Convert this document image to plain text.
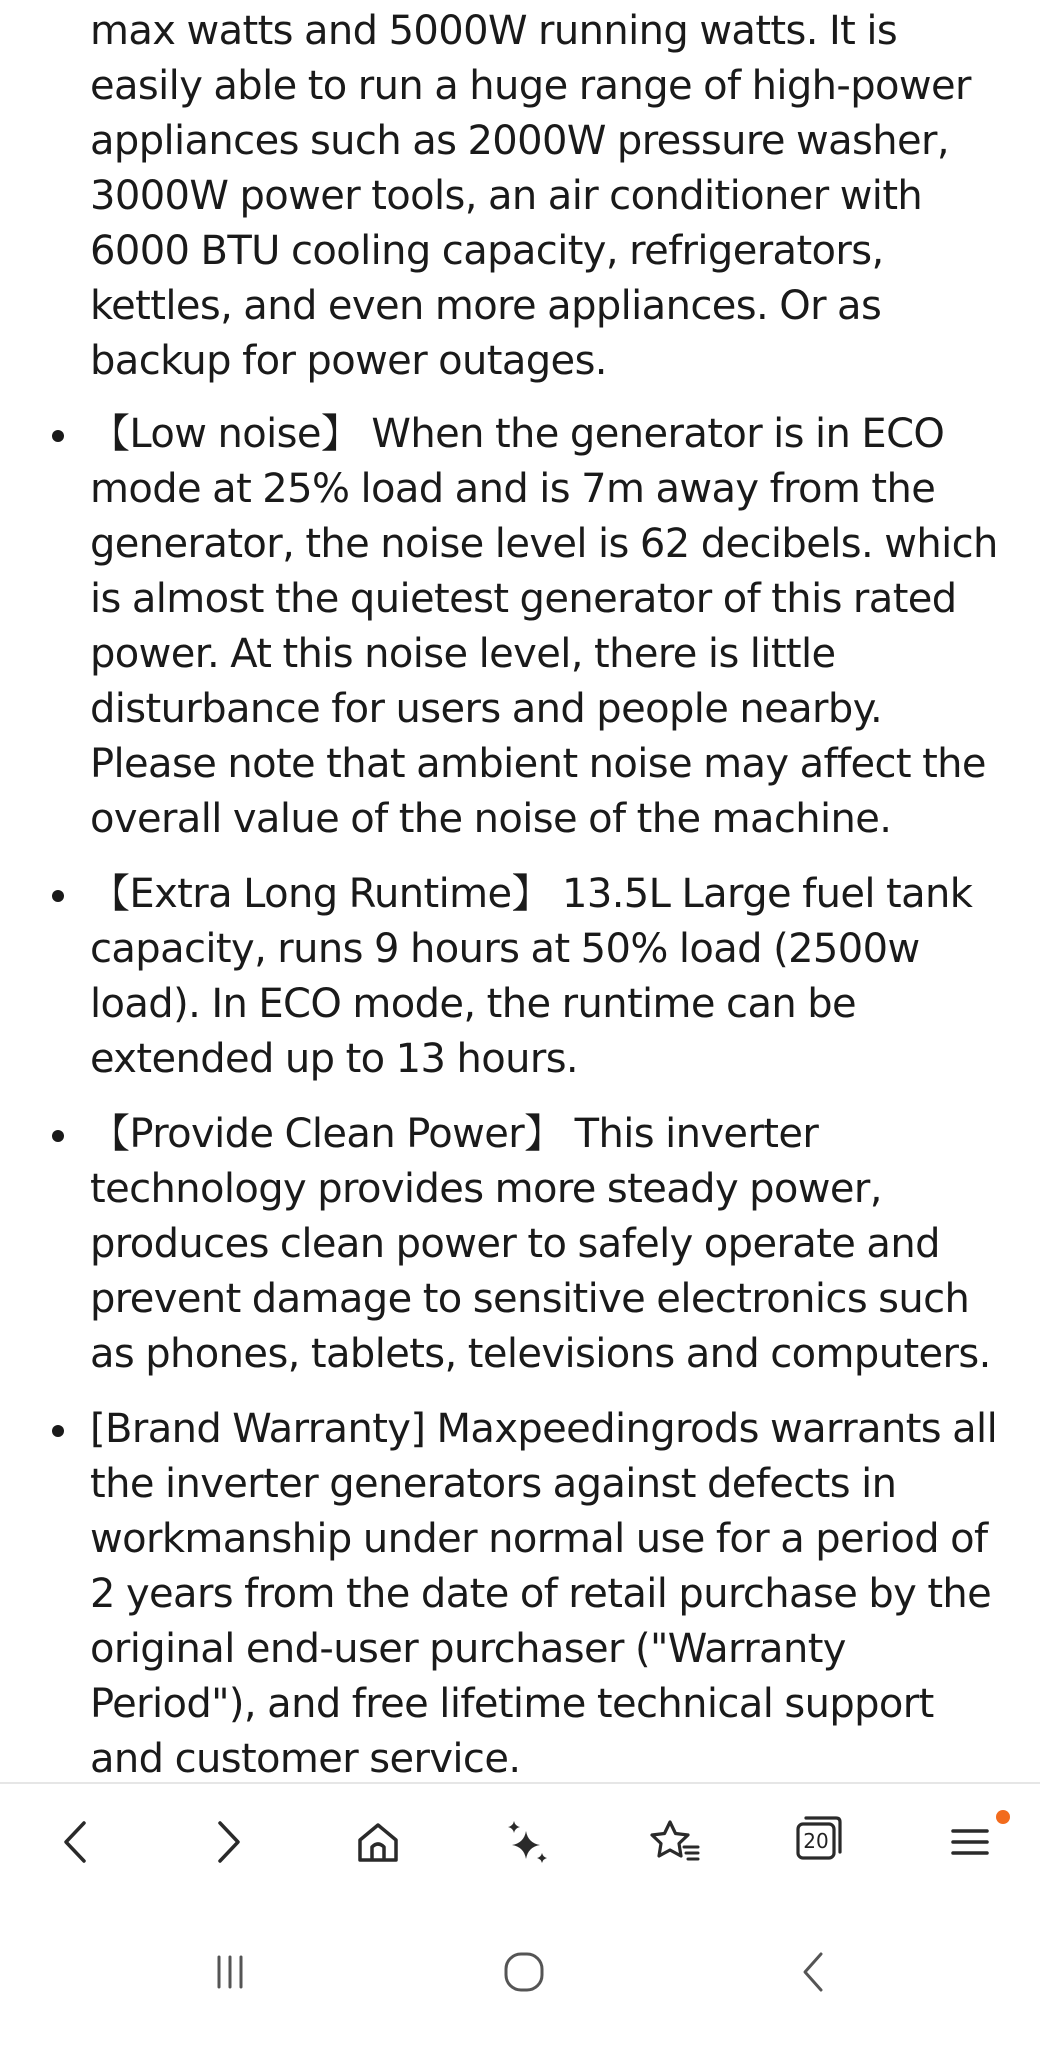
max watts and 5000W running watts. It is easily able to run a huge range of high-power appliances such as 2000W pressure washer, 3000W power tools, an air conditioner with 6000 BTU cooling capacity, refrigerators, kettles, and even more appliances. Or as backup for power outages.

【Low noise】 When the generator is in ECO mode at 25% load and is 7m away from the generator, the noise level is 62 decibels. which is almost the quietest generator of this rated power. At this noise level, there is little disturbance for users and people nearby. Please note that ambient noise may affect the overall value of the noise of the machine.
【Extra Long Runtime】 13.5L Large fuel tank capacity, runs 9 hours at 50% load (2500w load). In ECO mode, the runtime can be extended up to 13 hours.
【Provide Clean Power】 This inverter technology provides more steady power, produces clean power to safely operate and prevent damage to sensitive electronics such as phones, tablets, televisions and computers.
[Brand Warranty] Maxpeedingrods warrants all the inverter generators against defects in workmanship under normal use for a period of 2 years from the date of retail purchase by the original end-user purchaser ("Warranty Period"), and free lifetime technical support and customer service.
20
